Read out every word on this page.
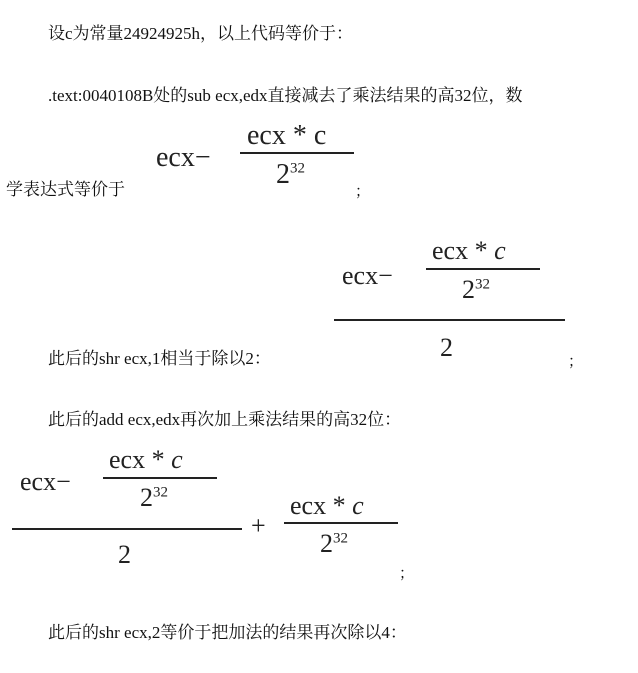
设c为常量24924925h，以上代码等价于：
.text:0040108B处的sub ecx,edx直接减去了乘法结果的高32位，数
ecx−
ecx * c
$2^{32}$
学表达式等价于	；
ecx−
ecx * c
$2^{32}$
2
此后的shr ecx,1相当于除以2：	；
此后的add ecx,edx再次加上乘法结果的高32位：
ecx−
ecx * c
$2^{32}$
2
+
ecx * c
$2^{32}$
；
此后的shr ecx,2等价于把加法的结果再次除以4：
